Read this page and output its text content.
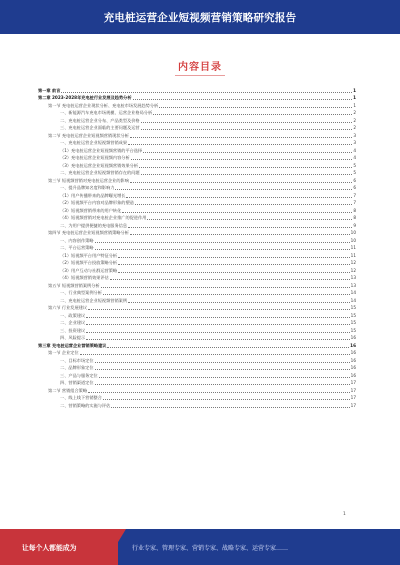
充电桩运营企业短视频营销策略研究报告
内容目录
第一章 前言	1
第二章 2023-2028年充电桩行业发展及趋势分析	1
第一节 充电桩运营企业现状分析、充电桩市场发展趋势分析	1
一、新能源汽车充电市场规模、运营企业格局分析	2
二、充电桩运营企业分布、产品类型及价格	2
三、充电桩运营企业面临的主要问题及运营	2
第二节 充电桩运营企业短视频营销现状分析	3
一、充电桩运营企业短视频营销成果	3
（1）充电桩运营企业短视频营销的平台选择	4
（2）充电桩运营企业短视频内容分析	4
（3）充电桩运营企业短视频营销效果分析	5
二、充电桩运营企业短视频营销存在的问题	5
第三节 短视频营销对充电桩运营企业的影响	6
一、提升品牌知名度和影响力	6
（1）用户传播带来的品牌曝光增长	7
（2）短视频平台内容对品牌形象的塑造	7
（3）短视频营销带来的用户转化	8
（4）短视频营销对充电桩企业推广的促进作用	8
二、为用户提供便捷的充电服务信息	9
第四节 充电桩运营企业短视频营销策略分析	10
一、内容创作策略	10
二、平台运营策略	11
（1）短视频平台用户特征分析	11
（2）短视频平台投放策略分析	12
（3）用户互动与社群运营策略	12
（4）短视频营销效果评估	13
第五节 短视频营销案例分析	13
一、行业典型案例分析	14
二、充电桩运营企业短视频营销案例	14
第六节 行业发展建议	15
一、政策建议	15
二、企业建议	15
三、投资建议	15
四、风险提示	16
第三章 充电桩运营企业营销策略建议	16
第一节 企业定位	16
一、目标市场定位	16
二、品牌形象定位	16
三、产品与服务定位	16
四、营销渠道定位	17
第二节 营销组合策略	17
一、线上线下营销整合	17
二、营销策略的实施与评估	17
1
让每个人都能成为	行业专家、管理专家、营销专家、战略专家、运营专家……
